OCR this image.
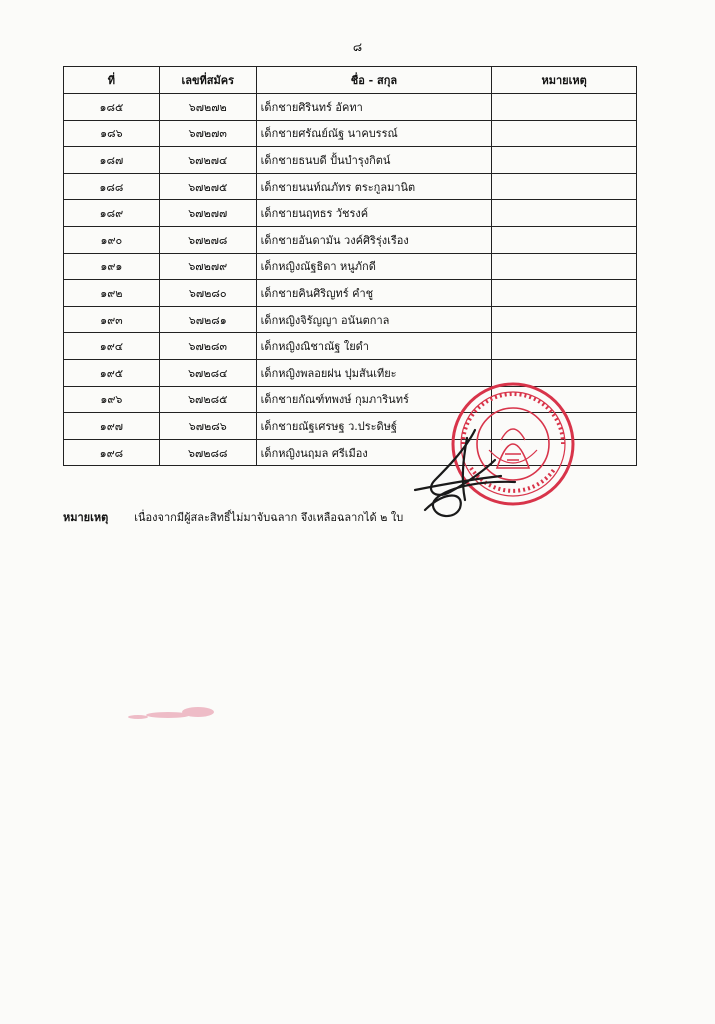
๘
ที่	เลขที่สมัคร	ชื่อ - สกุล	หมายเหตุ
๑๘๕	๖๗๒๗๒	เด็กชายศิรินทร์ อัคทา	
๑๘๖	๖๗๒๗๓	เด็กชายศรัณย์ณัฐ นาคบรรณ์	
๑๘๗	๖๗๒๗๔	เด็กชายธนบดี ปั้นบำรุงกิตน์	
๑๘๘	๖๗๒๗๕	เด็กชายนนท์ณภัทร ตระกูลมานิต	
๑๘๙	๖๗๒๗๗	เด็กชายนฤทธร วัชรงค์	
๑๙๐	๖๗๒๗๘	เด็กชายอันดามัน วงค์ศิริรุ่งเรือง	
๑๙๑	๖๗๒๗๙	เด็กหญิงณัฐธิดา หนูภักดี	
๑๙๒	๖๗๒๘๐	เด็กชายคินศิริญทร์ คำชู	
๑๙๓	๖๗๒๘๑	เด็กหญิงจิรัญญา อนันตกาล	
๑๙๔	๖๗๒๘๓	เด็กหญิงณิชาณัฐ ใยดำ	
๑๙๕	๖๗๒๘๔	เด็กหญิงพลอยฝน ปุมสันเทียะ	
๑๙๖	๖๗๒๘๕	เด็กชายกัณฑ์ทพงษ์ กุมภารินทร์	
๑๙๗	๖๗๒๘๖	เด็กชายณัฐเศรษฐ ว.ประดิษฐ์	
๑๙๘	๖๗๒๘๘	เด็กหญิงนฤมล ศรีเมือง	
หมายเหตุ เนื่องจากมีผู้สละสิทธิ์ไม่มาจับฉลาก จึงเหลือฉลากได้ ๒ ใบ
